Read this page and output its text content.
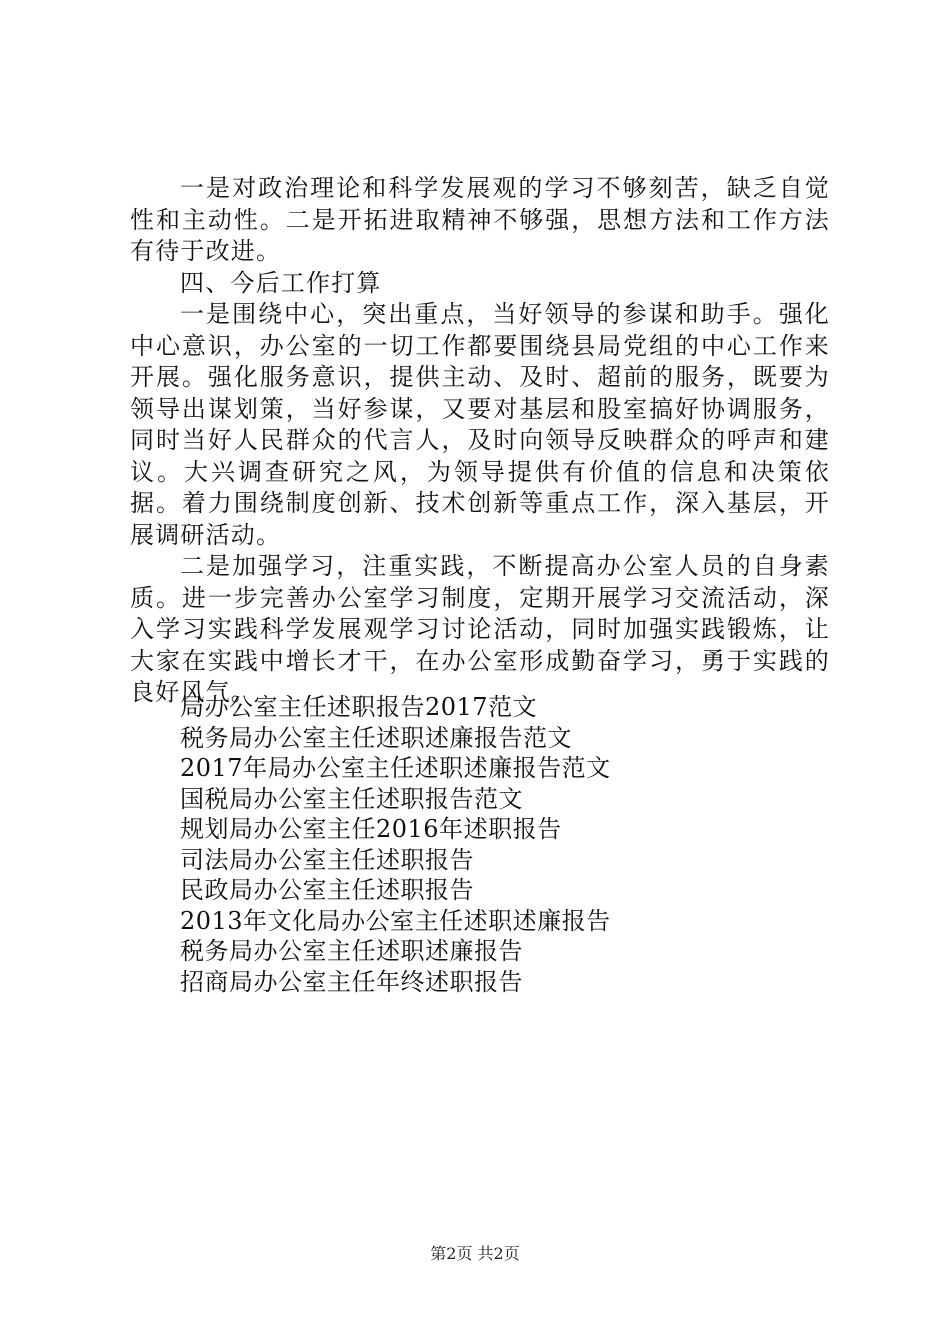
一是对政治理论和科学发展观的学习不够刻苦，缺乏自觉性和主动性。二是开拓进取精神不够强，思想方法和工作方法有待于改进。

四、今后工作打算

一是围绕中心，突出重点，当好领导的参谋和助手。强化中心意识，办公室的一切工作都要围绕县局党组的中心工作来开展。强化服务意识，提供主动、及时、超前的服务，既要为领导出谋划策，当好参谋，又要对基层和股室搞好协调服务，同时当好人民群众的代言人，及时向领导反映群众的呼声和建议。大兴调查研究之风，为领导提供有价值的信息和决策依据。着力围绕制度创新、技术创新等重点工作，深入基层，开展调研活动。

二是加强学习，注重实践，不断提高办公室人员的自身素质。进一步完善办公室学习制度，定期开展学习交流活动，深入学习实践科学发展观学习讨论活动，同时加强实践锻炼，让大家在实践中增长才干，在办公室形成勤奋学习，勇于实践的良好风气。

局办公室主任述职报告2017范文
税务局办公室主任述职述廉报告范文
2017年局办公室主任述职述廉报告范文
国税局办公室主任述职报告范文
规划局办公室主任2016年述职报告
司法局办公室主任述职报告
民政局办公室主任述职报告
2013年文化局办公室主任述职述廉报告
税务局办公室主任述职述廉报告
招商局办公室主任年终述职报告
第2页 共2页
